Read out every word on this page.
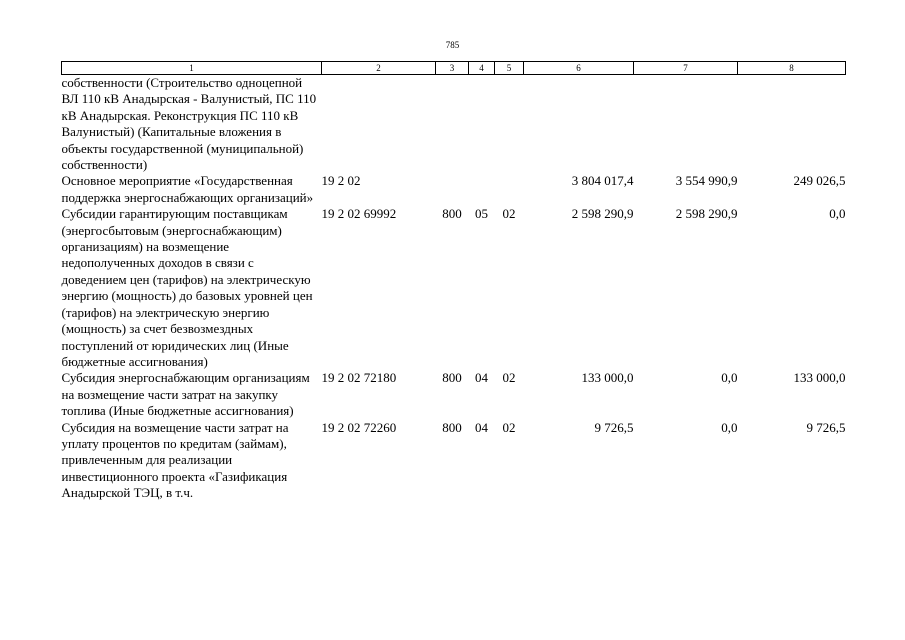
785
1	2	3	4	5	6	7	8
собственности (Строительство одноцепной ВЛ 110 кВ Анадырская - Валунистый, ПС 110 кВ Анадырская. Реконструкция ПС 110 кВ Валунистый) (Капитальные вложения в объекты государственной (муниципальной) собственности)							
Основное мероприятие «Государственная поддержка энергоснабжающих организаций»	19 2 02				3 804 017,4	3 554 990,9	249 026,5
Субсидии гарантирующим поставщикам (энергосбытовым (энергоснабжающим) организациям) на возмещение недополученных доходов в связи с доведением цен (тарифов) на электрическую энергию (мощность) до базовых уровней цен (тарифов) на электрическую энергию (мощность) за счет безвозмездных поступлений от юридических лиц (Иные бюджетные ассигнования)	19 2 02 69992	800	05	02	2 598 290,9	2 598 290,9	0,0
Субсидия энергоснабжающим организациям на возмещение части затрат на закупку топлива (Иные бюджетные ассигнования)	19 2 02 72180	800	04	02	133 000,0	0,0	133 000,0
Субсидия на возмещение части затрат на уплату процентов по кредитам (займам), привлеченным для реализации инвестиционного проекта «Газификация Анадырской ТЭЦ, в т.ч.	19 2 02 72260	800	04	02	9 726,5	0,0	9 726,5
